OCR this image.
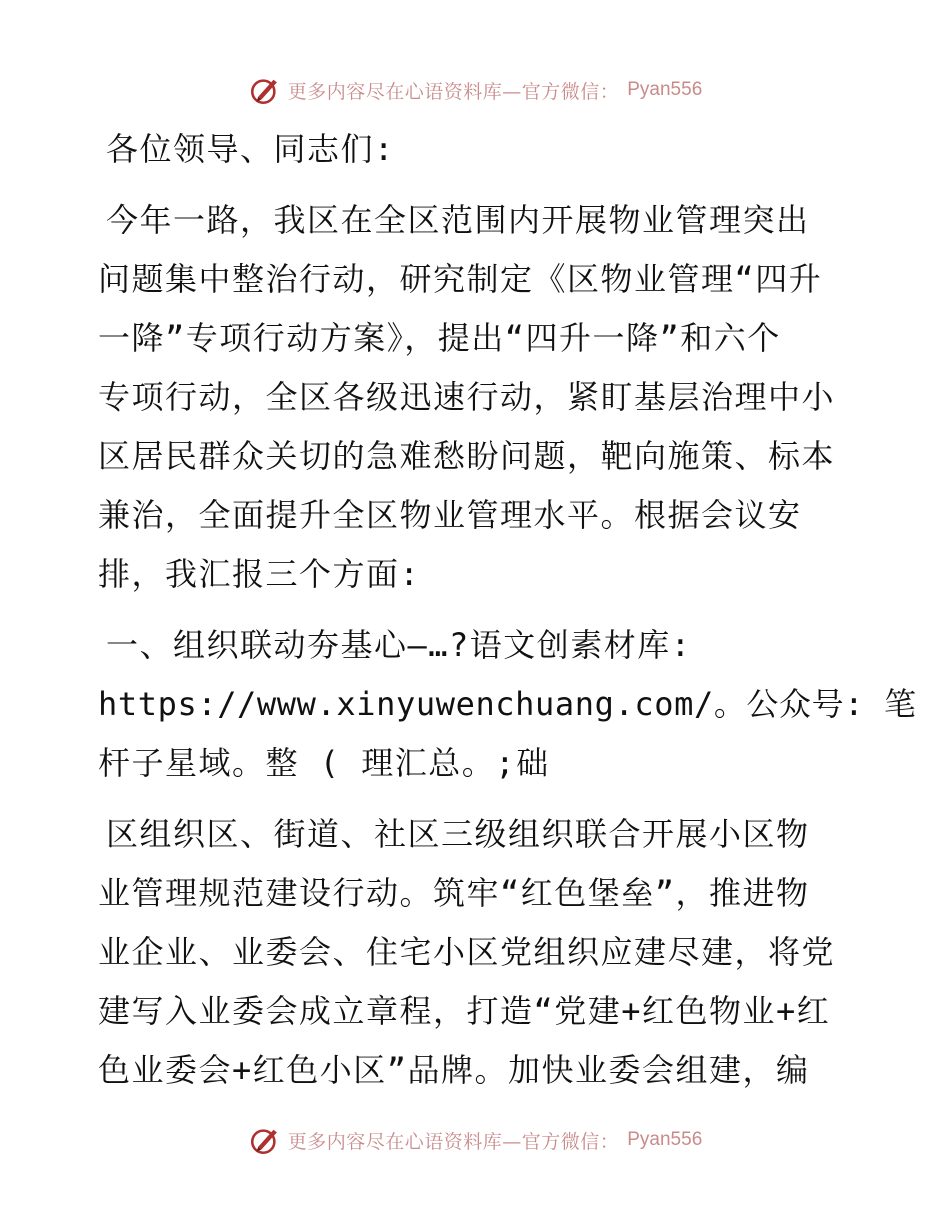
更多内容尽在心语资料库—官方微信： Pyan556
各位领导、同志们:
今年一路，我区在全区范围内开展物业管理突出
问题集中整治行动，研究制定《区物业管理“四升
一降”专项行动方案》，提出“四升一降”和六个
专项行动，全区各级迅速行动，紧盯基层治理中小
区居民群众关切的急难愁盼问题，靶向施策、标本
兼治，全面提升全区物业管理水平。根据会议安
排，我汇报三个方面:
一、组织联动夯基心—…?语文创素材库:
https://www.xinyuwenchuang.com/。公众号: 笔
杆子星域。整 ( 理汇总。;础
区组织区、街道、社区三级组织联合开展小区物
业管理规范建设行动。筑牢“红色堡垒”，推进物
业企业、业委会、住宅小区党组织应建尽建，将党
建写入业委会成立章程，打造“党建+红色物业+红
色业委会+红色小区”品牌。加快业委会组建，编
更多内容尽在心语资料库—官方微信： Pyan556
